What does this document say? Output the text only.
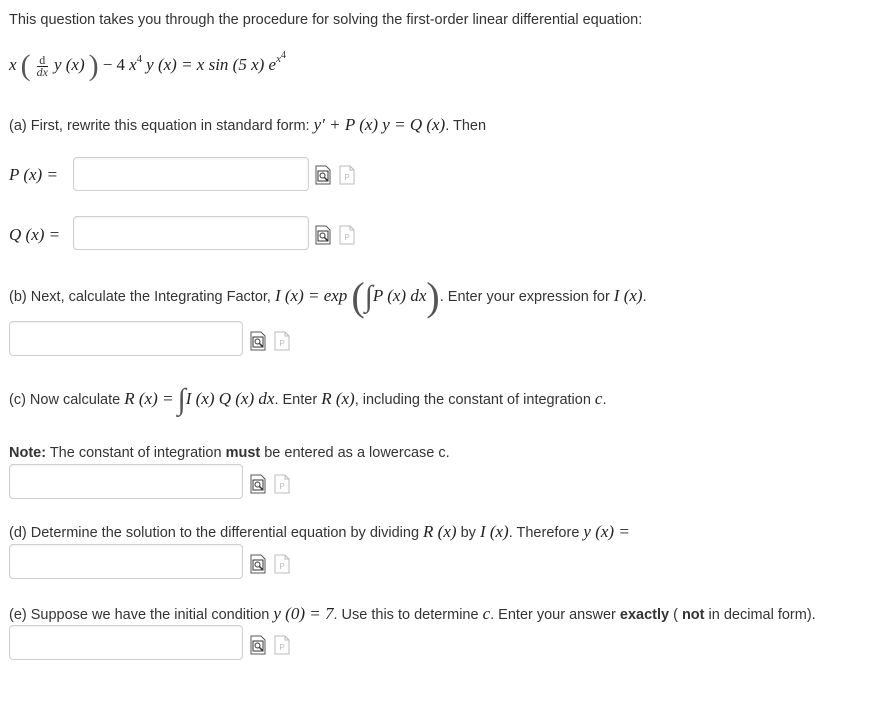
This question takes you through the procedure for solving the first-order linear differential equation:
x ( $\frac{d}{dx}$ y (x) ) − 4 $x^4$ y (x) = x sin (5 x) $e^{x4}$
(a) First, rewrite this equation in standard form: y′ + P (x) y = Q (x). Then
P (x) =	P
Q (x) =	P
(b) Next, calculate the Integrating Factor, I (x) = exp (∫P (x) dx). Enter your expression for I (x).
P
(c) Now calculate R (x) = ∫I (x) Q (x) dx. Enter R (x), including the constant of integration c.
Note: The constant of integration must be entered as a lowercase c.
P
(d) Determine the solution to the differential equation by dividing R (x) by I (x). Therefore y (x) =
P
(e) Suppose we have the initial condition y (0) = 7. Use this to determine c. Enter your answer exactly ( not in decimal form).
P
